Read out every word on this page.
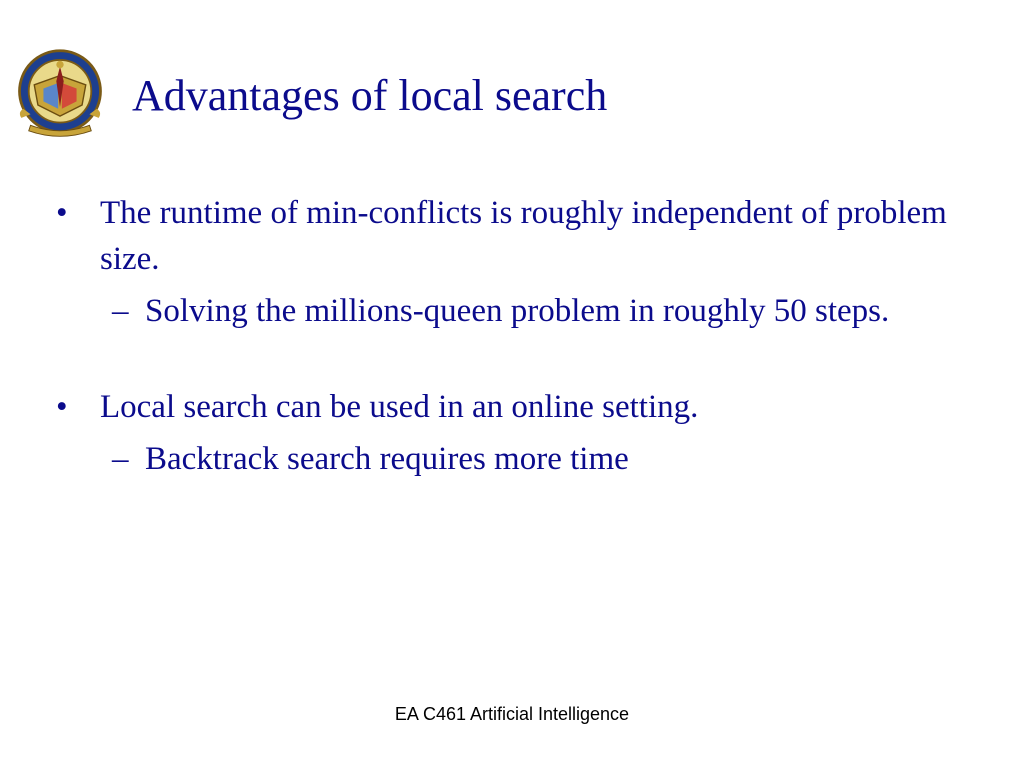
Advantages of local search
• The runtime of min-conflicts is roughly independent of problem size.
– Solving the millions-queen problem in roughly 50 steps.
• Local search can be used in an online setting.
– Backtrack search requires more time
EA C461 Artificial Intelligence
